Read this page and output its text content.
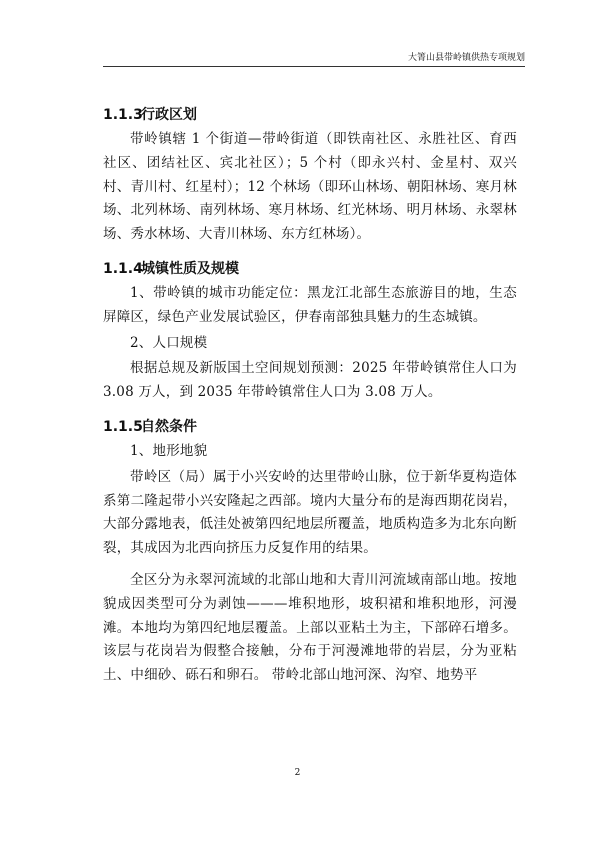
大箐山县带岭镇供热专项规划
1.1.3行政区划

带岭镇辖 1 个街道—带岭街道（即铁南社区、永胜社区、育西社区、团结社区、宾北社区）；5 个村（即永兴村、金星村、双兴村、青川村、红星村）；12 个林场（即环山林场、朝阳林场、寒月林场、北列林场、南列林场、寒月林场、红光林场、明月林场、永翠林场、秀水林场、大青川林场、东方红林场）。

1.1.4城镇性质及规模

1、带岭镇的城市功能定位：黑龙江北部生态旅游目的地，生态屏障区，绿色产业发展试验区，伊春南部独具魅力的生态城镇。

2、人口规模

根据总规及新版国土空间规划预测：2025 年带岭镇常住人口为 3.08 万人，到 2035 年带岭镇常住人口为 3.08 万人。

1.1.5自然条件

1、地形地貌

带岭区（局）属于小兴安岭的达里带岭山脉，位于新华夏构造体系第二隆起带小兴安隆起之西部。境内大量分布的是海西期花岗岩，大部分露地表，低洼处被第四纪地层所覆盖，地质构造多为北东向断裂，其成因为北西向挤压力反复作用的结果。

全区分为永翠河流域的北部山地和大青川河流域南部山地。按地貌成因类型可分为剥蚀———堆积地形，坡积裙和堆积地形，河漫滩。本地均为第四纪地层覆盖。上部以亚粘土为主，下部碎石增多。该层与花岗岩为假整合接触，分布于河漫滩地带的岩层，分为亚粘土、中细砂、砾石和卵石。 带岭北部山地河深、沟窄、地势平

2
